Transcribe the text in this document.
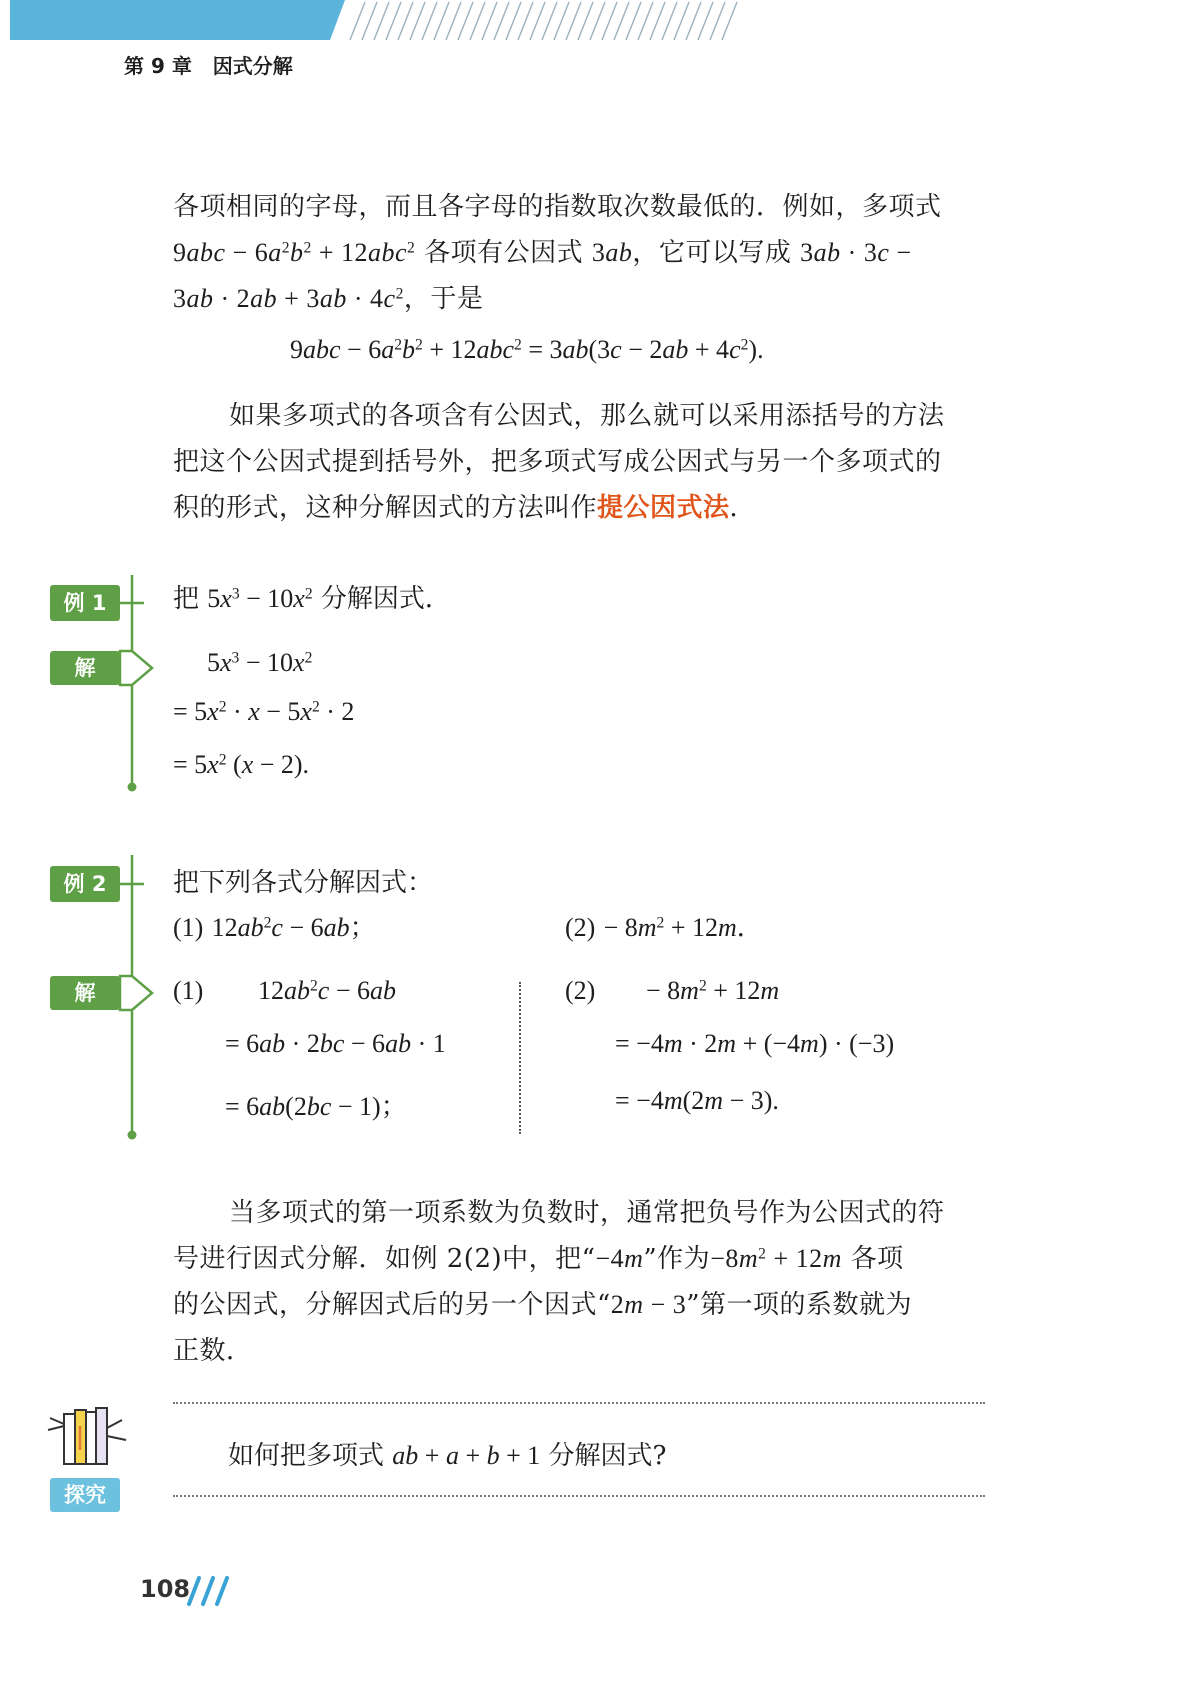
第 9 章 因式分解

各项相同的字母，而且各字母的指数取次数最低的．例如，多项式

$9abc - 6a^2b^2 + 12abc^2$ 各项有公因式 3ab，它可以写成 3ab · 3c −

$3ab \cdot 2ab + 3ab \cdot 4c^2$，于是

$9abc - 6a^2b^2 + 12abc^2 = 3ab(3c - 2ab + 4c^2)$.

如果多项式的各项含有公因式，那么就可以采用添括号的方法

把这个公因式提到括号外，把多项式写成公因式与另一个多项式的

积的形式，这种分解因式的方法叫作提公因式法．

例 1
解
把 $5x^3 - 10x^2$ 分解因式．
$5x^3 - 10x^2$
= $5x^2 \cdot x - 5x^2 \cdot 2$
= $5x^2$ (x − 2).
例 2
解
把下列各式分解因式：
(1) $12ab^2c - 6ab$；	$(2) - 8m^2 + 12m$．
(1) $12ab^2c - 6ab$
= 6ab · 2bc − 6ab · 1
= 6ab(2bc − 1)；
$(2) - 8m^2 + 12m$
= −4m · 2m + (−4m) · (−3)
= −4m(2m − 3).

当多项式的第一项系数为负数时，通常把负号作为公因式的符

号进行因式分解．如例 2(2)中，把“−4m”作为$-8m^2 + 12m$ 各项

的公因式，分解因式后的另一个因式“2m − 3”第一项的系数就为

正数．

如何把多项式 ab + a + b + 1 分解因式?
探究
108
